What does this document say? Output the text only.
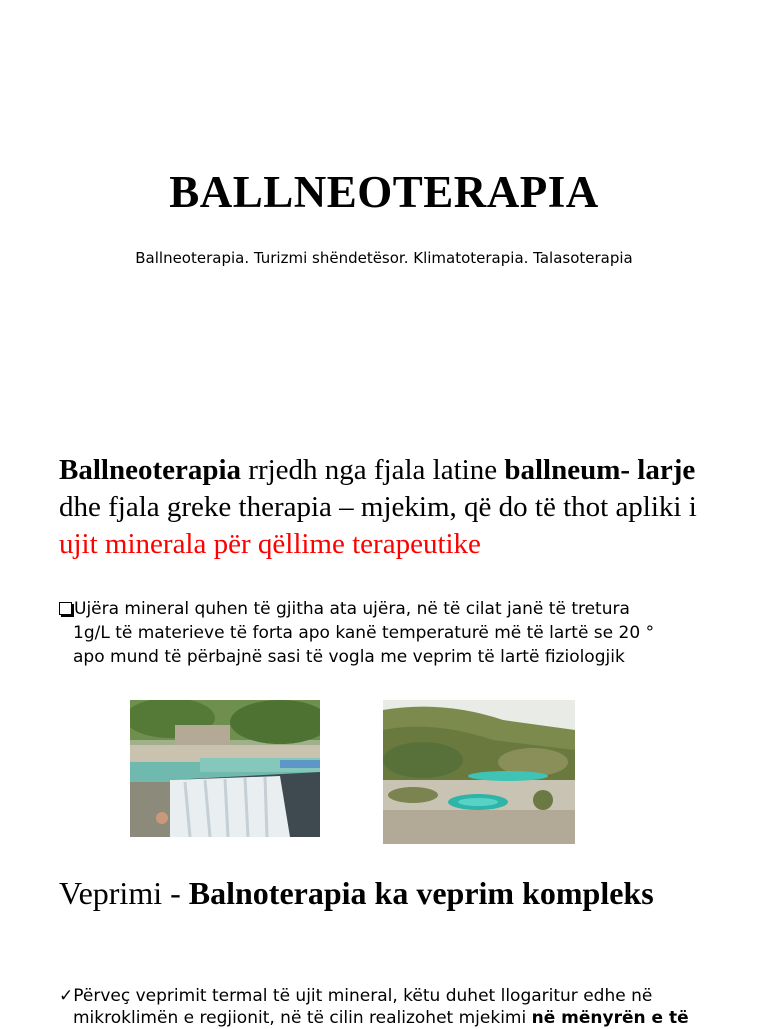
BALLNEOTERAPIA
Ballneoterapia. Turizmi shëndetësor. Klimatoterapia. Talasoterapia
Ballneoterapia rrjedh nga fjala latine ballneum- larje dhe fjala greke therapia – mjekim, që do të thot apliki i ujit minerala për qëllime terapeutike
Ujëra mineral quhen të gjitha ata ujëra, në të cilat janë të tretura
1g/L të materieve të forta apo kanë temperaturë më të lartë se 20 °
apo mund të përbajnë sasi të vogla me veprim të lartë fiziologjik
Veprimi - Balnoterapia ka veprim kompleks
✓Përveç veprimit termal të ujit mineral, këtu duhet llogaritur edhe në
mikroklimën e regjionit, në të cilin realizohet mjekimi në mënyrën e të
